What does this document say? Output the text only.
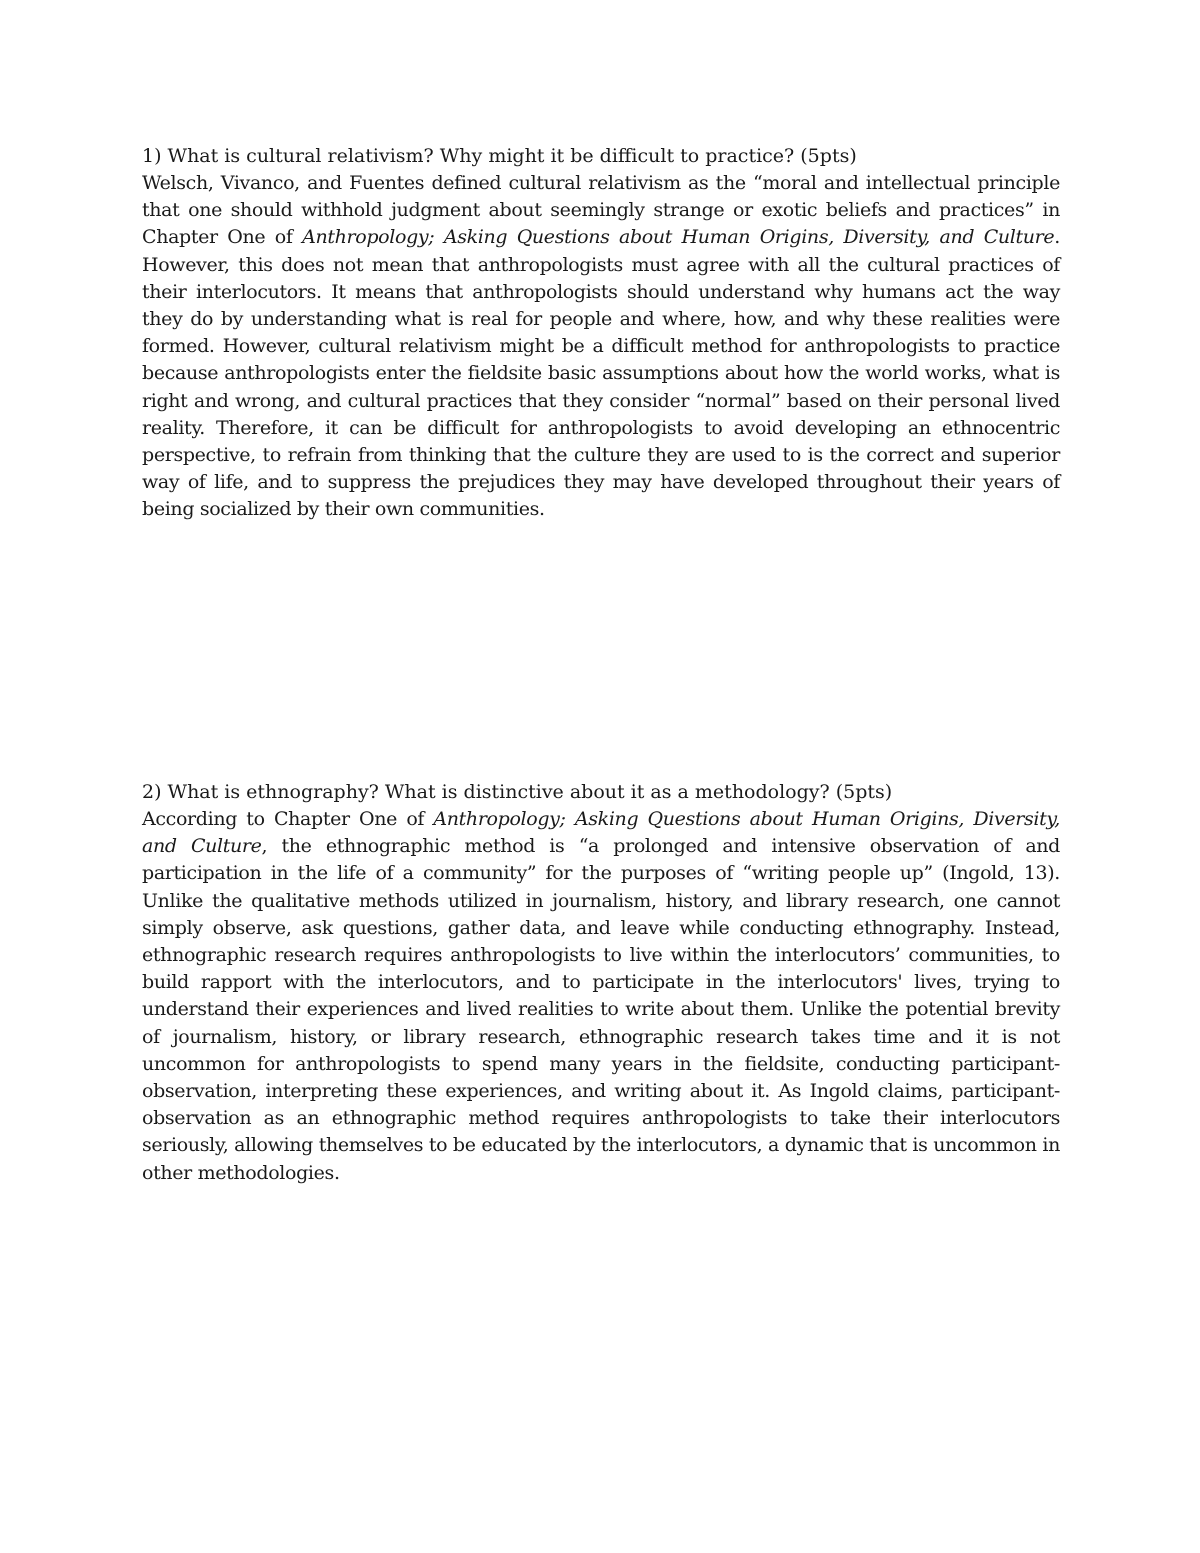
1) What is cultural relativism? Why might it be difficult to practice? (5pts)

Welsch, Vivanco, and Fuentes defined cultural relativism as the “moral and intellectual principle that one should withhold judgment about seemingly strange or exotic beliefs and practices” in Chapter One of Anthropology; Asking Questions about Human Origins, Diversity, and Culture. However, this does not mean that anthropologists must agree with all the cultural practices of their interlocutors. It means that anthropologists should understand why humans act the way they do by understanding what is real for people and where, how, and why these realities were formed. However, cultural relativism might be a difficult method for anthropologists to practice because anthropologists enter the fieldsite basic assumptions about how the world works, what is right and wrong, and cultural practices that they consider “normal” based on their personal lived reality. Therefore, it can be difficult for anthropologists to avoid developing an ethnocentric perspective, to refrain from thinking that the culture they are used to is the correct and superior way of life, and to suppress the prejudices they may have developed throughout their years of being socialized by their own communities.

2) What is ethnography? What is distinctive about it as a methodology? (5pts)

According to Chapter One of Anthropology; Asking Questions about Human Origins, Diversity, and Culture, the ethnographic method is “a prolonged and intensive observation of and participation in the life of a community” for the purposes of “writing people up” (Ingold, 13). Unlike the qualitative methods utilized in journalism, history, and library research, one cannot simply observe, ask questions, gather data, and leave while conducting ethnography. Instead, ethnographic research requires anthropologists to live within the interlocutors’ communities, to build rapport with the interlocutors, and to participate in the interlocutors' lives, trying to understand their experiences and lived realities to write about them. Unlike the potential brevity of journalism, history, or library research, ethnographic research takes time and it is not uncommon for anthropologists to spend many years in the fieldsite, conducting participant-observation, interpreting these experiences, and writing about it. As Ingold claims, participant-observation as an ethnographic method requires anthropologists to take their interlocutors seriously, allowing themselves to be educated by the interlocutors, a dynamic that is uncommon in other methodologies.
